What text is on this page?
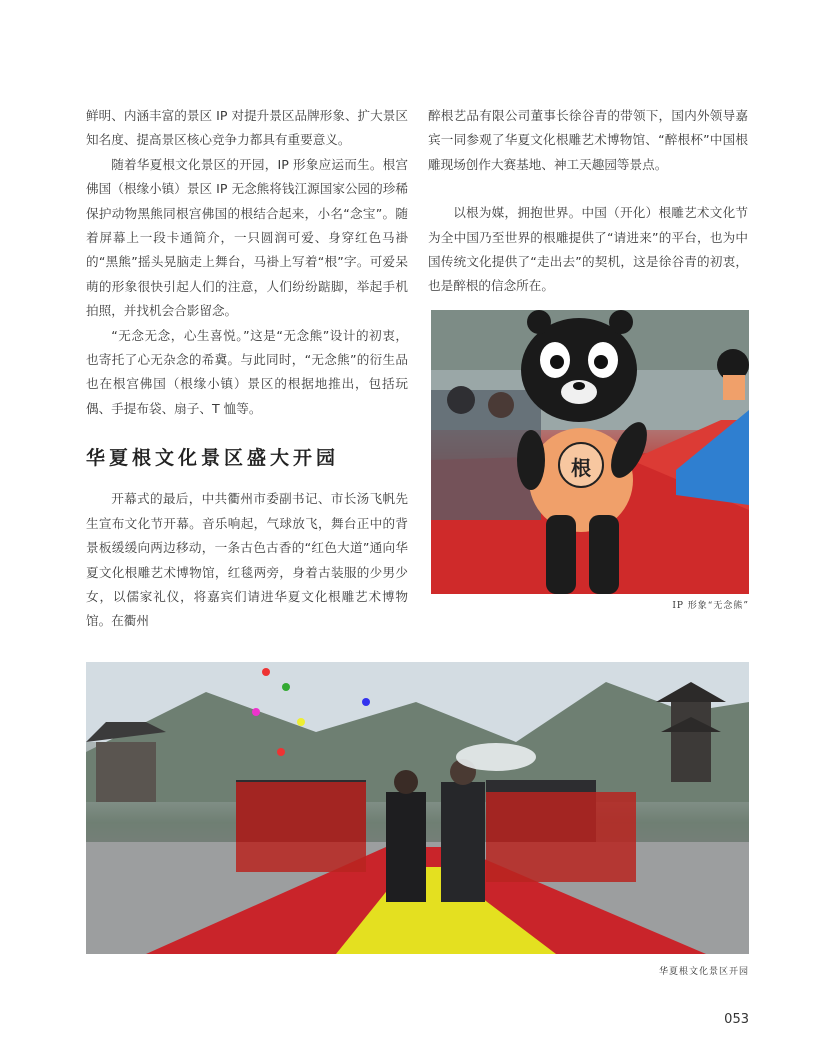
鲜明、内涵丰富的景区 IP 对提升景区品牌形象、扩大景区知名度、提高景区核心竞争力都具有重要意义。

随着华夏根文化景区的开园，IP 形象应运而生。根宫佛国（根缘小镇）景区 IP 无念熊将钱江源国家公园的珍稀保护动物黑熊同根宫佛国的根结合起来，小名“念宝”。随着屏幕上一段卡通简介，一只圆润可爱、身穿红色马褂的“黑熊”摇头晃脑走上舞台，马褂上写着“根”字。可爱呆萌的形象很快引起人们的注意，人们纷纷踮脚，举起手机拍照，并找机会合影留念。

“无念无念，心生喜悦。”这是“无念熊”设计的初衷，也寄托了心无杂念的希冀。与此同时，“无念熊”的衍生品也在根宫佛国（根缘小镇）景区的根据地推出，包括玩偶、手提布袋、扇子、T 恤等。

华夏根文化景区盛大开园

开幕式的最后，中共衢州市委副书记、市长汤飞帆先生宣布文化节开幕。音乐响起，气球放飞，舞台正中的背景板缓缓向两边移动，一条古色古香的“红色大道”通向华夏文化根雕艺术博物馆，红毯两旁，身着古装服的少男少女，以儒家礼仪，将嘉宾们请进华夏文化根雕艺术博物馆。在衢州

醉根艺品有限公司董事长徐谷青的带领下，国内外领导嘉宾一同参观了华夏文化根雕艺术博物馆、“醉根杯”中国根雕现场创作大赛基地、神工天趣园等景点。

以根为媒，拥抱世界。中国（开化）根雕艺术文化节为全中国乃至世界的根雕提供了“请进来”的平台，也为中国传统文化提供了“走出去”的契机，这是徐谷青的初衷，也是醉根的信念所在。

根
IP 形象“无念熊”
华夏根文化景区开园
053
